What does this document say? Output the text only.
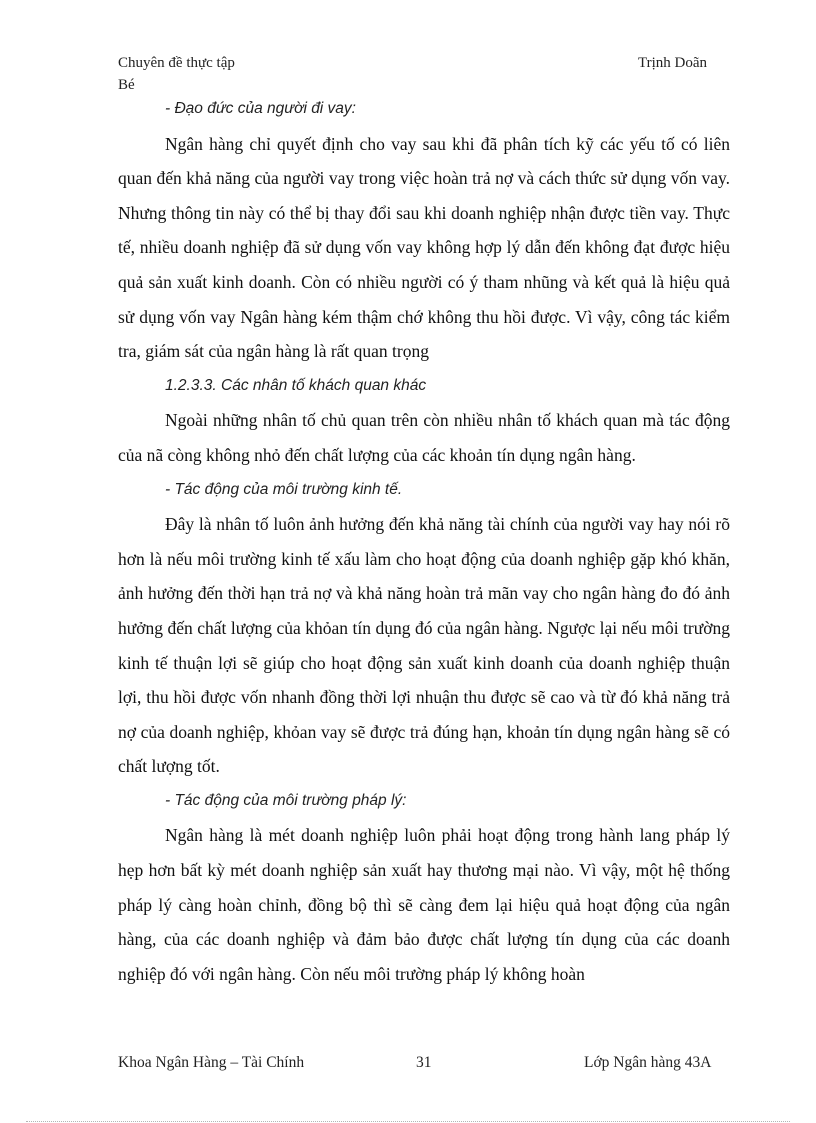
Chuyên đề thực tập	Trịnh Doãn
Bé

- Đạo đức của người đi vay:

Ngân hàng chỉ quyết định cho vay sau khi đã phân tích kỹ các yếu tố có liên quan đến khả năng của người vay trong việc hoàn trả nợ và cách thức sử dụng vốn vay. Nhưng thông tin này có thể bị thay đổi sau khi doanh nghiệp nhận được tiền vay. Thực tế, nhiều doanh nghiệp đã sử dụng vốn vay không hợp lý dẫn đến không đạt được hiệu quả sản xuất kinh doanh. Còn có nhiều người có ý tham nhũng và kết quả là hiệu quả sử dụng vốn vay Ngân hàng kém thậm chớ không thu hồi được. Vì vậy, công tác kiểm tra, giám sát của ngân hàng là rất quan trọng

1.2.3.3. Các nhân tố khách quan khác

Ngoài những nhân tố chủ quan trên còn nhiều nhân tố khách quan mà tác động của nã còng không nhỏ đến chất lượng của các khoản tín dụng ngân hàng.

- Tác động của môi trường kinh tế.

Đây là nhân tố luôn ảnh hưởng đến khả năng tài chính của người vay hay nói rõ hơn là nếu môi trường kinh tế xấu làm cho hoạt động của doanh nghiệp gặp khó khăn, ảnh hưởng đến thời hạn trả nợ và khả năng hoàn trả mãn vay cho ngân hàng đo đó ảnh hưởng đến chất lượng của khỏan tín dụng đó của ngân hàng. Ngược lại nếu môi trường kinh tế thuận lợi sẽ giúp cho hoạt động sản xuất kinh doanh của doanh nghiệp thuận lợi, thu hồi được vốn nhanh đồng thời lợi nhuận thu được sẽ cao và từ đó khả năng trả nợ của doanh nghiệp, khỏan vay sẽ được trả đúng hạn, khoản tín dụng ngân hàng sẽ có chất lượng tốt.

- Tác động của môi trường pháp lý:

Ngân hàng là mét doanh nghiệp luôn phải hoạt động trong hành lang pháp lý hẹp hơn bất kỳ mét doanh nghiệp sản xuất hay thương mại nào. Vì vậy, một hệ thống pháp lý càng hoàn chỉnh, đồng bộ thì sẽ càng đem lại hiệu quả hoạt động của ngân hàng, của các doanh nghiệp và đảm bảo được chất lượng tín dụng của các doanh nghiệp đó với ngân hàng. Còn nếu môi trường pháp lý không hoàn

Khoa Ngân Hàng – Tài Chính	31	Lớp Ngân hàng 43A
